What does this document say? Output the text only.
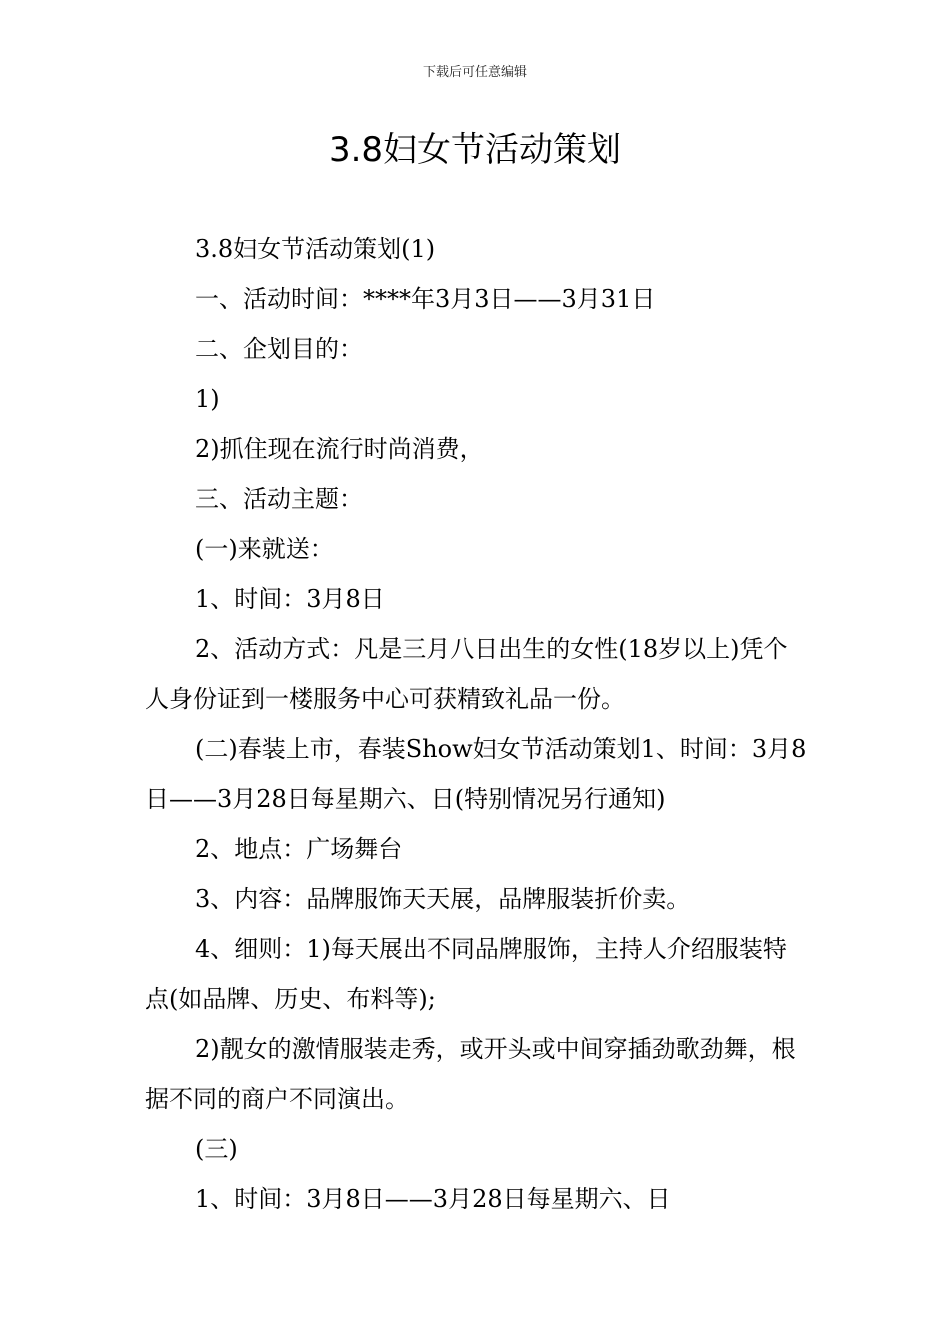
下载后可任意编辑
3.8妇女节活动策划

3.8妇女节活动策划(1)

一、活动时间：****年3月3日——3月31日

二、企划目的：

1)

2)抓住现在流行时尚消费，

三、活动主题：

(一)来就送：

1、时间：3月8日

2、活动方式：凡是三月八日出生的女性(18岁以上)凭个人身份证到一楼服务中心可获精致礼品一份。

(二)春装上市，春装Show妇女节活动策划1、时间：3月8日——3月28日每星期六、日(特别情况另行通知)

2、地点：广场舞台

3、内容：品牌服饰天天展，品牌服装折价卖。

4、细则：1)每天展出不同品牌服饰，主持人介绍服装特点(如品牌、历史、布料等);

2)靓女的激情服装走秀，或开头或中间穿插劲歌劲舞，根据不同的商户不同演出。

(三)

1、时间：3月8日——3月28日每星期六、日
